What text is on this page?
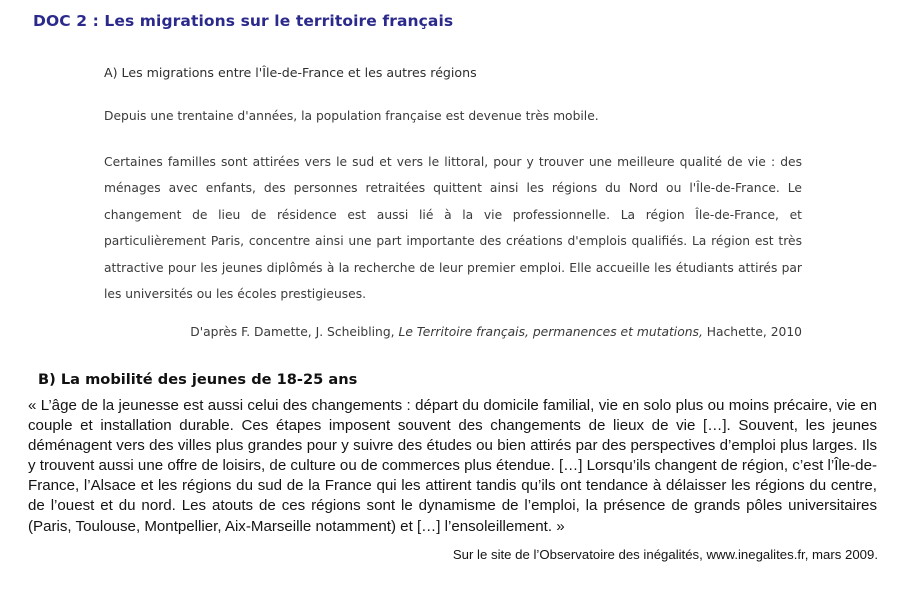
DOC 2 : Les migrations sur le territoire français
A) Les migrations entre l'Île-de-France et les autres régions
Depuis une trentaine d'années, la population française est devenue très mobile.
Certaines familles sont attirées vers le sud et vers le littoral, pour y trouver une meilleure qualité de vie : des ménages avec enfants, des personnes retraitées quittent ainsi les régions du Nord ou l'Île-de-France. Le changement de lieu de résidence est aussi lié à la vie professionnelle. La région Île-de-France, et particulièrement Paris, concentre ainsi une part importante des créations d'emplois qualifiés. La région est très attractive pour les jeunes diplômés à la recherche de leur premier emploi. Elle accueille les étudiants attirés par les universités ou les écoles prestigieuses.
D'après F. Damette, J. Scheibling, Le Territoire français, permanences et mutations, Hachette, 2010
B) La mobilité des jeunes de 18-25 ans
« L’âge de la jeunesse est aussi celui des changements : départ du domicile familial, vie en solo plus ou moins précaire, vie en couple et installation durable. Ces étapes imposent souvent des changements de lieux de vie […]. Souvent, les jeunes déménagent vers des villes plus grandes pour y suivre des études ou bien attirés par des perspectives d’emploi plus larges. Ils y trouvent aussi une offre de loisirs, de culture ou de commerces plus étendue. […] Lorsqu’ils changent de région, c’est l’Île-de-France, l’Alsace et les régions du sud de la France qui les attirent tandis qu’ils ont tendance à délaisser les régions du centre, de l’ouest et du nord. Les atouts de ces régions sont le dynamisme de l’emploi, la présence de grands pôles universitaires (Paris, Toulouse, Montpellier, Aix-Marseille notamment) et […] l’ensoleillement. »
Sur le site de l’Observatoire des inégalités, www.inegalites.fr, mars 2009.
